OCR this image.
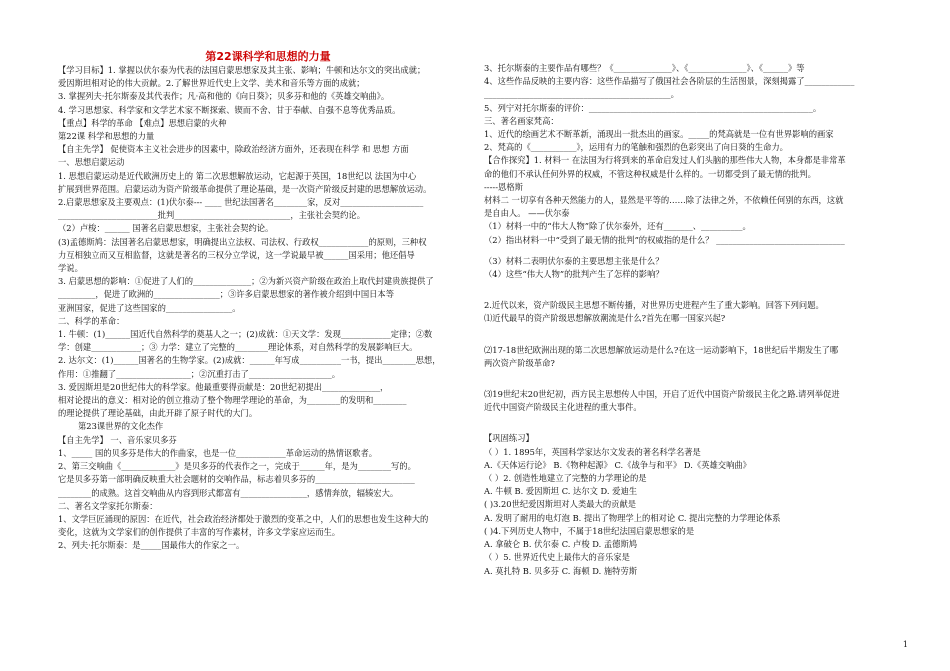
第22课科学和思想的力量

【学习目标】1. 掌握以伏尔泰为代表的法国启蒙思想家及其主张、影响；牛顿和达尔文的突出成就；

爱因斯坦相对论的伟大贡献。2.了解世界近代史上文学、美术和音乐等方面的成就；

3. 掌握列夫·托尔斯泰及其代表作；凡·高和他的《向日葵》；贝多芬和他的《英雄交响曲》。

4. 学习思想家、科学家和文学艺术家不断探索、锲而不舍、甘于奉献、自强不息等优秀品质。

【重点】科学的革命 【难点】思想启蒙的火种

第22课 科学和思想的力量

【自主先学】 促使资本主义社会进步的因素中，除政治经济方面外，还表现在科学 和 思想 方面

一、思想启蒙运动

1. 思想启蒙运动是近代欧洲历史上的 第二次思想解放运动，它起源于英国，18世纪以 法国为中心

扩展到世界范围。启蒙运动为资产阶级革命提供了理论基础，是一次资产阶级反封建的思想解放运动。

2.启蒙思想家及主要观点：(1)伏尔泰--- ____ 世纪法国著名________家，反对____________________

________________________批判____________________________，主张社会契约论。

（2）卢梭：______ 国著名启蒙思想家，主张社会契约论。

(3)孟德斯鸠：法国著名启蒙思想家，明确提出立法权、司法权、行政权____________的原则，三种权

力互相独立而又互相监督，这就是著名的三权分立学说，这一学说最早被______国采用；他还倡导

学说。

3. 启蒙思想的影响：①促进了人们的______________；②为新兴资产阶级在政治上取代封建贵族提供了_________，促进了欧洲的________________；③许多启蒙思想家的著作被介绍到中国日本等

亚洲国家，促进了这些国家的________________。

二、科学的革命：

1. 牛顿：(1)______国近代自然科学的奠基人之一；(2)成就：①天文学：发现____________定律；②数

学：创建____________；③ 力学：建立了完整的________理论体系，对自然科学的发展影响巨大。

2. 达尔文：(1)______国著名的生物学家。(2)成就：______年写成__________一书，提出________思想，

作用：①推翻了__________________；②沉重打击了____________________。

3. 爱因斯坦是20世纪伟大的科学家。他最重要得贡献是：20世纪初提出______________，

相对论提出的意义：相对论的创立推动了整个物理学理论的革命，为________的发明和________

的理论提供了理论基础，由此开辟了原子时代的大门。

第23课世界的文化杰作

【自主先学】 一、音乐家贝多芬

1、_____ 国的贝多芬是伟大的作曲家，也是一位____________革命运动的热情讴歌者。

2、第三交响曲《_____________》是贝多芬的代表作之一，完成于______年，是为________写的。

它是贝多芬第一部明确反映重大社会题材的交响作品，标志着贝多芬的________________________

________的成熟。这首交响曲从内容到形式都富有________________，感情奔放，辐辏宏大。

二、著名文学家托尔斯泰：

1、文学巨匠涌现的原因：在近代，社会政治经济都处于激烈的变革之中，人们的思想也发生这种大的

变化，这就为文学家们的创作提供了丰富的写作素材，许多文学家应运而生。

2、列夫·托尔斯泰：是_____国最伟大的作家之一。

3、托尔斯泰的主要作品有哪些？《______________》、《______________》、《______》等

4、这些作品反映的主要内容：这些作品描写了俄国社会各阶层的生活图景，深刻揭露了____________

_____________________________________________。

5、列宁对托尔斯泰的评价：______________________________________________________。

三、著名画家梵高：

1、近代的绘画艺术不断革新，涌现出一批杰出的画家。_____的梵高就是一位有世界影响的画家

2、梵高的《___________》，运用有力的笔触和强烈的色彩突出了向日葵的生命力。

【合作探究】1. 材料一 在法国为行将到来的革命启发过人们头脑的那些伟大人物，本身都是非常革

命的他们不承认任何外界的权威，不管这种权威是什么样的。一切都受到了最无情的批判。

-----恩格斯

材料二 一切享有各种天然能力的人，显然是平等的……除了法律之外，不依赖任何别的东西，这就

是自由人。 ——伏尔泰

（1）材料一中的“伟大人物”除了伏尔泰外，还有_______、__________。

（2）指出材料一中“受到了最无情的批判”的权威指的是什么？ _______________________________

（3）材料二表明伏尔泰的主要思想主张是什么？

（4）这些“伟大人物”的批判产生了怎样的影响？

2.近代以来，资产阶级民主思想不断传播，对世界历史进程产生了重大影响。回答下列问题。

⑴近代最早的资产阶级思想解放潮流是什么?首先在哪一国家兴起?

⑵17-18世纪欧洲出现的第二次思想解放运动是什么?在这一运动影响下，18世纪后半期发生了哪

两次资产阶级革命?

⑶19世纪末20世纪初，西方民主思想传人中国，开启了近代中国资产阶级民主化之路.请列举促进

近代中国资产阶级民主化进程的重大事件。

【巩固练习】

（ ）1. 1895年，英国科学家达尔文发表的著名科学名著是

A.《天体运行论》 B.《物种起源》 C.《战争与和平》 D.《英雄交响曲》

（ ）2. 创造性地建立了完整的力学理论的是

A. 牛顿 B. 爱因斯坦 C. 达尔文 D. 爱迪生

( )3.20世纪爱因斯坦对人类最大的贡献是

A. 发明了耐用的电灯泡 B. 提出了物理学上的相对论 C. 提出完整的力学理论体系

( )4.下列历史人物中，不属于18世纪法国启蒙思想家的是

A. 拿破仑 B. 伏尔泰 C. 卢梭 D. 孟德斯鸠

（ ）5. 世界近代史上最伟大的音乐家是

A. 莫扎特 B. 贝多芬 C. 海顿 D. 施特劳斯

1
